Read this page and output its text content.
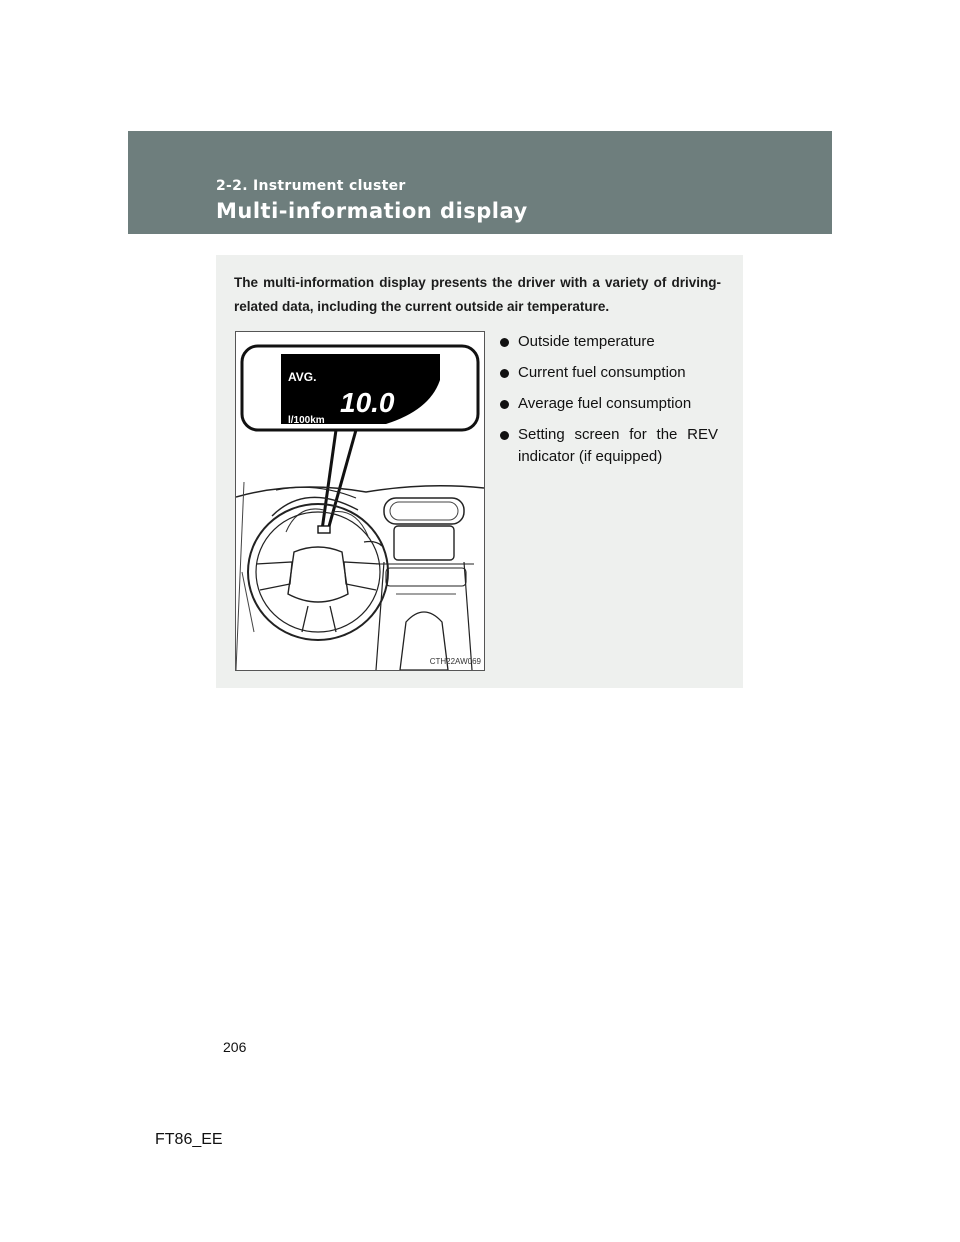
2-2. Instrument cluster
Multi-information display
The multi-information display presents the driver with a variety of driving-related data, including the current outside air temperature.
AVG.
10.0
l/100km
CTH22AW069
Outside temperature
Current fuel consumption
Average fuel consumption
Setting screen for the REV indicator (if equipped)
206
FT86_EE
